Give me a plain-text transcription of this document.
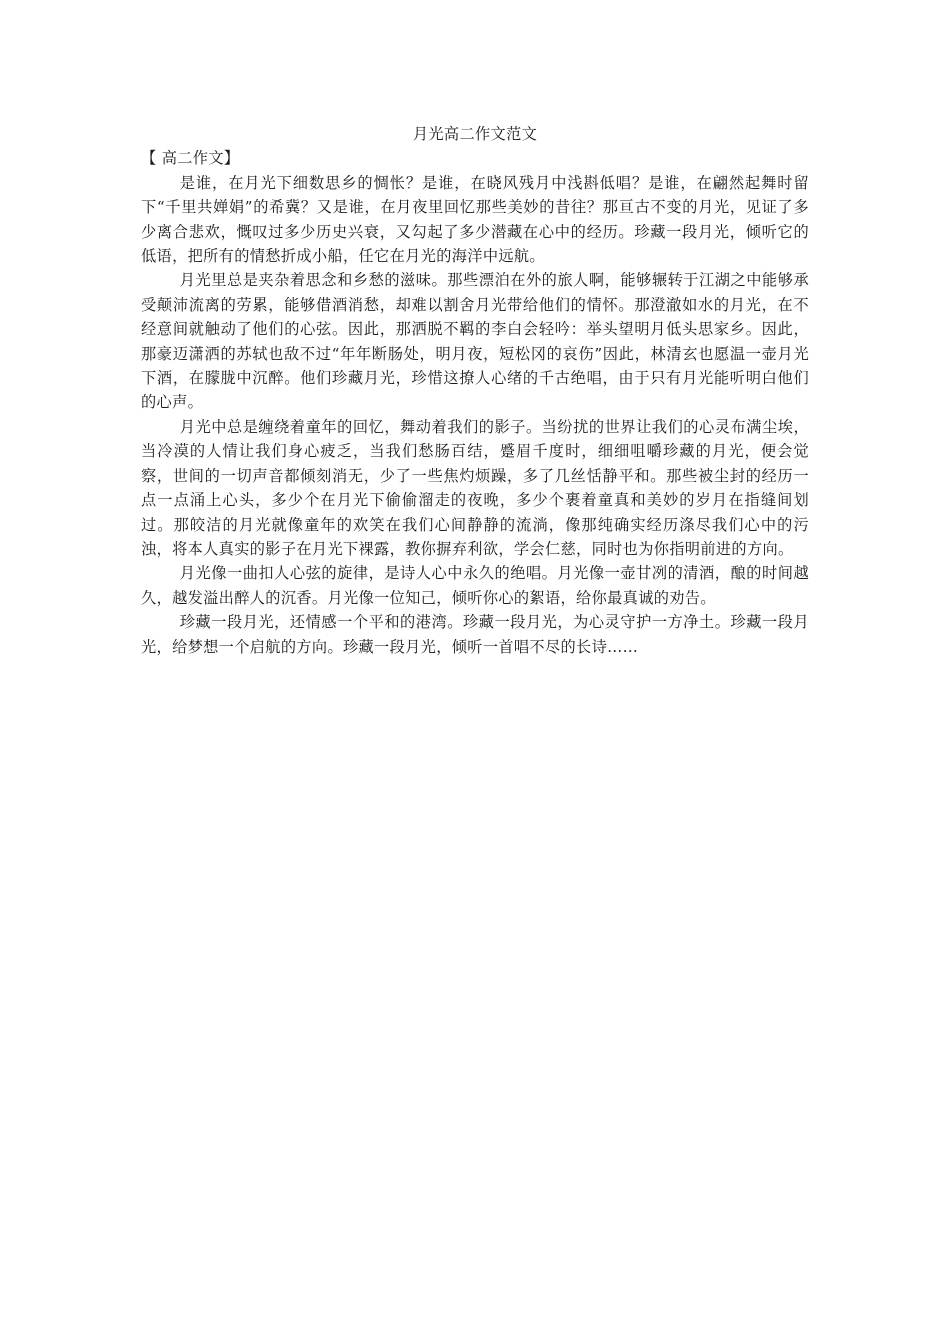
月光高二作文范文

【 高二作文】

是谁，在月光下细数思乡的惆怅？是谁，在晓风残月中浅斟低唱？是谁，在翩然起舞时留下“千里共婵娟”的希冀？又是谁，在月夜里回忆那些美妙的昔往？那亘古不变的月光，见证了多少离合悲欢，慨叹过多少历史兴衰，又勾起了多少潜藏在心中的经历。珍藏一段月光，倾听它的低语，把所有的情愁折成小船，任它在月光的海洋中远航。

月光里总是夹杂着思念和乡愁的滋味。那些漂泊在外的旅人啊，能够辗转于江湖之中能够承受颠沛流离的劳累，能够借酒消愁，却难以割舍月光带给他们的情怀。那澄澈如水的月光，在不经意间就触动了他们的心弦。因此，那洒脱不羁的李白会轻吟：举头望明月低头思家乡。因此，那豪迈潇洒的苏轼也敌不过“年年断肠处，明月夜，短松冈的哀伤”因此，林清玄也愿温一壶月光下酒，在朦胧中沉醉。他们珍藏月光，珍惜这撩人心绪的千古绝唱，由于只有月光能听明白他们的心声。

月光中总是缠绕着童年的回忆，舞动着我们的影子。当纷扰的世界让我们的心灵布满尘埃，当冷漠的人情让我们身心疲乏，当我们愁肠百结，蹙眉千度时，细细咀嚼珍藏的月光，便会觉察，世间的一切声音都倾刻消无，少了一些焦灼烦躁，多了几丝恬静平和。那些被尘封的经历一点一点涌上心头，多少个在月光下偷偷溜走的夜晚，多少个裹着童真和美妙的岁月在指缝间划过。那皎洁的月光就像童年的欢笑在我们心间静静的流淌，像那纯确实经历涤尽我们心中的污浊，将本人真实的影子在月光下裸露，教你摒弃利欲，学会仁慈，同时也为你指明前进的方向。

月光像一曲扣人心弦的旋律，是诗人心中永久的绝唱。月光像一壶甘冽的清酒，酿的时间越久，越发溢出醉人的沉香。月光像一位知己，倾听你心的絮语，给你最真诚的劝告。

珍藏一段月光，还情感一个平和的港湾。珍藏一段月光，为心灵守护一方净土。珍藏一段月光，给梦想一个启航的方向。珍藏一段月光，倾听一首唱不尽的长诗……
